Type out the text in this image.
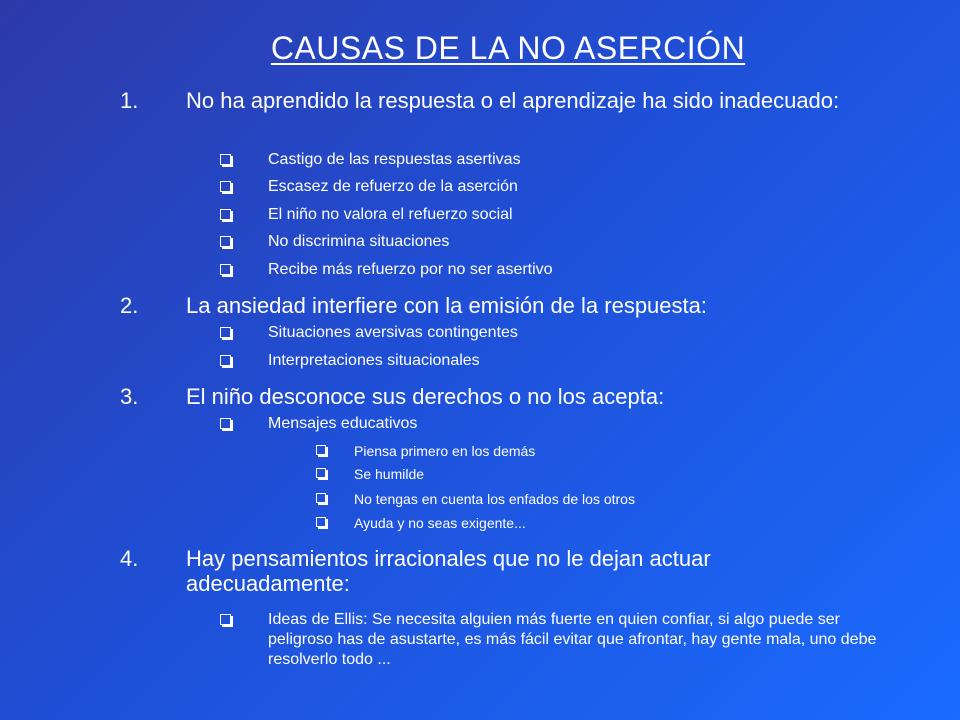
CAUSAS DE LA NO ASERCIÓN
1.	No ha aprendido la respuesta o el aprendizaje ha sido inadecuado:
Castigo de las respuestas asertivas
Escasez de refuerzo de la aserción
El niño no valora el refuerzo social
No discrimina situaciones
Recibe más refuerzo por no ser asertivo
2.	La ansiedad interfiere con la emisión de la respuesta:
Situaciones aversivas contingentes
Interpretaciones situacionales
3.	El niño desconoce sus derechos o no los acepta:
Mensajes educativos
Piensa primero en los demás
Se humilde
No tengas en cuenta los enfados de los otros
Ayuda y no seas exigente...
4.	Hay pensamientos irracionales que no le dejan actuar adecuadamente:
Ideas de Ellis: Se necesita alguien más fuerte en quien confiar, si algo puede ser peligroso has de asustarte, es más fácil evitar que afrontar, hay gente mala, uno debe resolverlo todo ...
